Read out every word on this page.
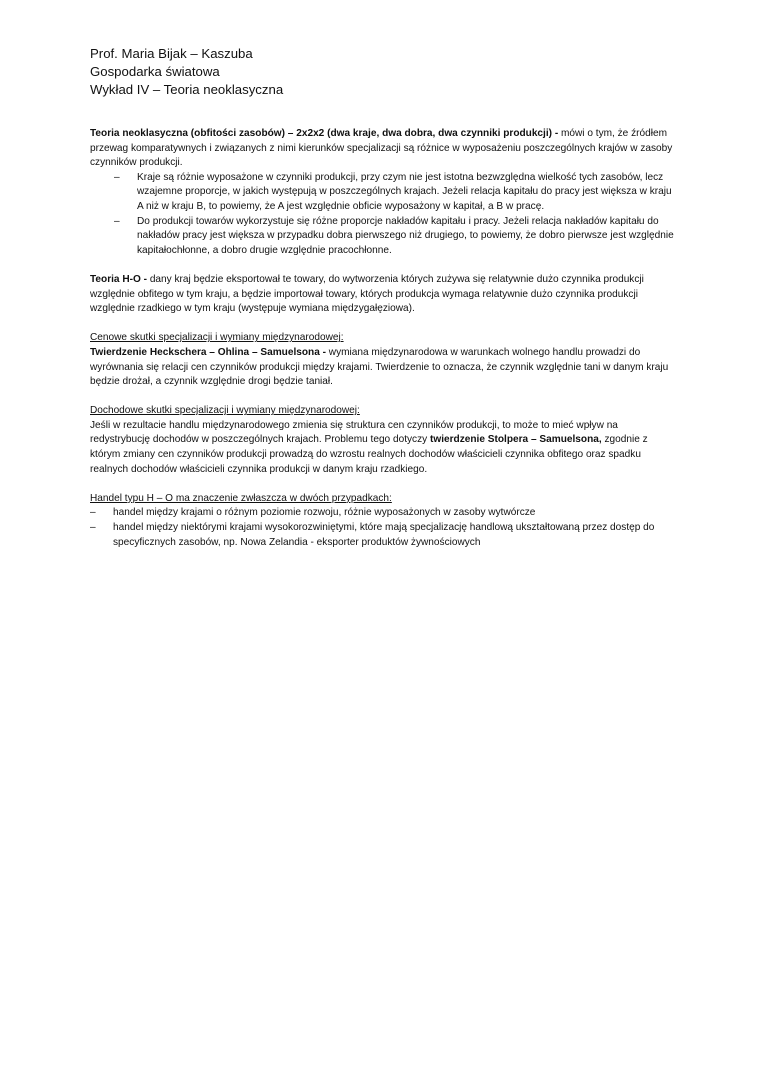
Prof. Maria Bijak – Kaszuba
Gospodarka światowa
Wykład IV – Teoria neoklasyczna

Teoria neoklasyczna (obfitości zasobów) – 2x2x2 (dwa kraje, dwa dobra, dwa czynniki produkcji) - mówi o tym, że źródłem przewag komparatywnych i związanych z nimi kierunków specjalizacji są różnice w wyposażeniu poszczególnych krajów w zasoby czynników produkcji.

– Kraje są różnie wyposażone w czynniki produkcji, przy czym nie jest istotna bezwzględna wielkość tych zasobów, lecz wzajemne proporcje, w jakich występują w poszczególnych krajach. Jeżeli relacja kapitału do pracy jest większa w kraju A niż w kraju B, to powiemy, że A jest względnie obficie wyposażony w kapitał, a B w pracę.
– Do produkcji towarów wykorzystuje się różne proporcje nakładów kapitału i pracy. Jeżeli relacja nakładów kapitału do nakładów pracy jest większa w przypadku dobra pierwszego niż drugiego, to powiemy, że dobro pierwsze jest względnie kapitałochłonne, a dobro drugie względnie pracochłonne.

Teoria H-O - dany kraj będzie eksportował te towary, do wytworzenia których zużywa się relatywnie dużo czynnika produkcji względnie obfitego w tym kraju, a będzie importował towary, których produkcja wymaga relatywnie dużo czynnika produkcji względnie rzadkiego w tym kraju (występuje wymiana międzygałęziowa).

Cenowe skutki specjalizacji i wymiany międzynarodowej:

Twierdzenie Heckschera – Ohlina – Samuelsona - wymiana międzynarodowa w warunkach wolnego handlu prowadzi do wyrównania się relacji cen czynników produkcji między krajami. Twierdzenie to oznacza, że czynnik względnie tani w danym kraju będzie drożał, a czynnik względnie drogi będzie taniał.

Dochodowe skutki specjalizacji i wymiany międzynarodowej:

Jeśli w rezultacie handlu międzynarodowego zmienia się struktura cen czynników produkcji, to może to mieć wpływ na redystrybucję dochodów w poszczególnych krajach. Problemu tego dotyczy twierdzenie Stolpera – Samuelsona, zgodnie z którym zmiany cen czynników produkcji prowadzą do wzrostu realnych dochodów właścicieli czynnika obfitego oraz spadku realnych dochodów właścicieli czynnika produkcji w danym kraju rzadkiego.

Handel typu H – O ma znaczenie zwłaszcza w dwóch przypadkach:

– handel między krajami o różnym poziomie rozwoju, różnie wyposażonych w zasoby wytwórcze
– handel między niektórymi krajami wysokorozwiniętymi, które mają specjalizację handlową ukształtowaną przez dostęp do specyficznych zasobów, np. Nowa Zelandia - eksporter produktów żywnościowych
